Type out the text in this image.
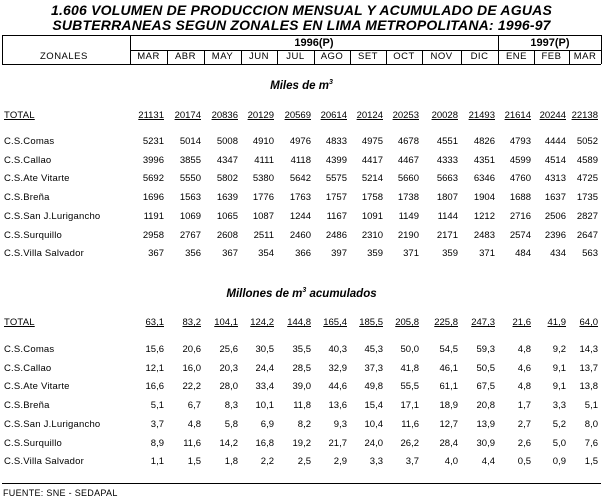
1.606 VOLUMEN DE PRODUCCION MENSUAL Y ACUMULADO DE AGUAS
SUBTERRANEAS SEGUN ZONALES EN LIMA METROPOLITANA: 1996-97
1996(P)	1997(P)
ZONALES	MAR	ABR	MAY	JUN	JUL	AGO	SET	OCT	NOV	DIC	ENE	FEB	MAR
Miles de $m^3$
Millones de $m^3$ acumulados
TOTAL	21131	20174	20836	20129	20569	20614	20124	20253	20028	21493	21614 20244 22138
C.S.Comas	5231	5014	5008	4910	4976	4833	4975	4678	4551	4826	4793	4444	5052
C.S.Callao	3996	3855	4347	4111	4118	4399	4417	4467	4333	4351	4599	4514	4589
C.S.Ate Vitarte	5692	5550	5802	5380	5642	5575	5214	5660	5663	6346	4760	4313	4725
C.S.Breña	1696	1563	1639	1776	1763	1757	1758	1738	1807	1904	1688	1637	1735
C.S.San J.Lurigancho	1191	1069	1065	1087	1244	1167	1091	1149	1144	1212	2716	2506	2827
C.S.Surquillo	2958	2767	2608	2511	2460	2486	2310	2190	2171	2483	2574	2396	2647
C.S.Villa Salvador	367	356	367	354	366	397	359	371	359	371	484	434	563
TOTAL	63,1	83,2	104,1	124,2	144,8	165,4	185,5	205,8	225,8	247,3	21,6	41,9	64,0
C.S.Comas	15,6	20,6	25,6	30,5	35,5	40,3	45,3	50,0	54,5	59,3	4,8	9,2	14,3
C.S.Callao	12,1	16,0	20,3	24,4	28,5	32,9	37,3	41,8	46,1	50,5	4,6	9,1	13,7
C.S.Ate Vitarte	16,6	22,2	28,0	33,4	39,0	44,6	49,8	55,5	61,1	67,5	4,8	9,1	13,8
C.S.Breña	5,1	6,7	8,3	10,1	11,8	13,6	15,4	17,1	18,9	20,8	1,7	3,3	5,1
C.S.San J.Lurigancho	3,7	4,8	5,8	6,9	8,2	9,3	10,4	11,6	12,7	13,9	2,7	5,2	8,0
C.S.Surquillo	8,9	11,6	14,2	16,8	19,2	21,7	24,0	26,2	28,4	30,9	2,6	5,0	7,6
C.S.Villa Salvador	1,1	1,5	1,8	2,2	2,5	2,9	3,3	3,7	4,0	4,4	0,5	0,9	1,5
FUENTE: SNE - SEDAPAL
